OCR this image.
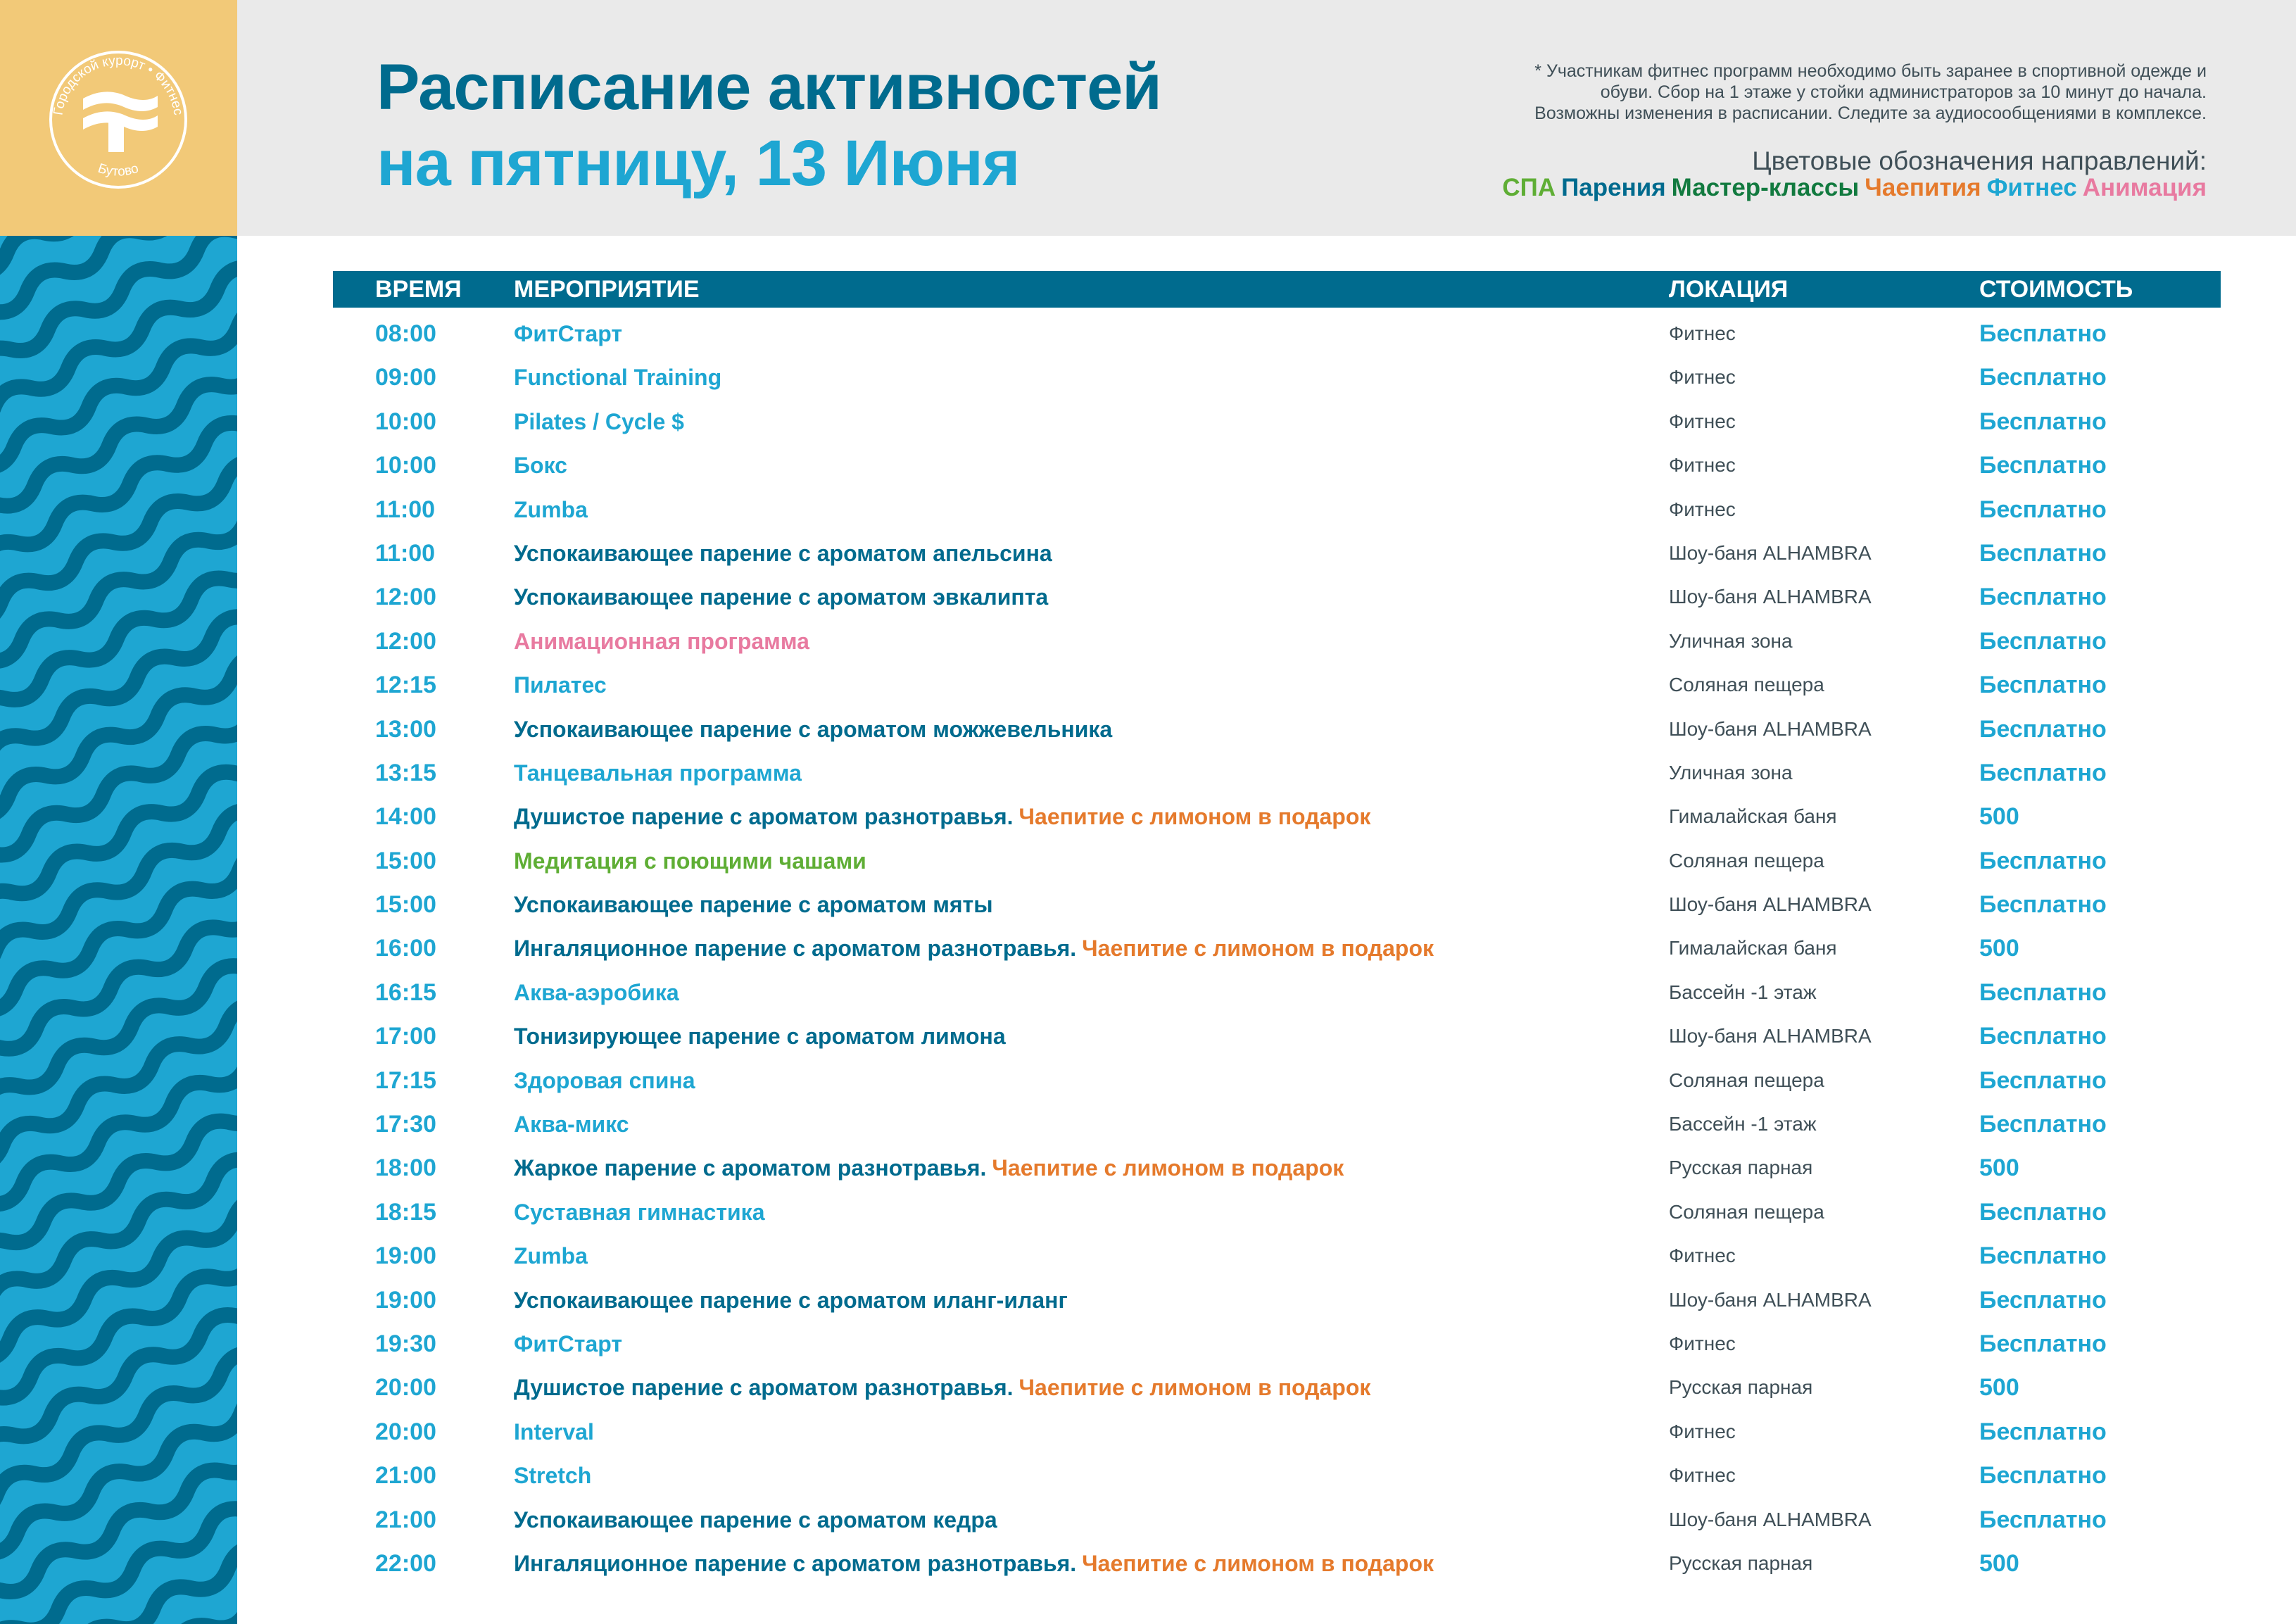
Городской курорт • Фитнес
Бутово
Расписание активностей
на пятницу, 13 Июня
* Участникам фитнес программ необходимо быть заранее в спортивной одежде и
обуви. Сбор на 1 этаже у стойки администраторов за 10 минут до начала.
Возможны изменения в расписании. Следите за аудиосообщениями в комплексе.
Цветовые обозначения направлений:
СПА Парения Мастер-классы Чаепития Фитнес Анимация
ВРЕМЯ МЕРОПРИЯТИЕ	ЛОКАЦИЯ	СТОИМОСТЬ
08:00	ФитСтарт	Фитнес	Бесплатно
09:00	Functional Training	Фитнес	Бесплатно
10:00	Pilates / Cycle $	Фитнес	Бесплатно
10:00	Бокс	Фитнес	Бесплатно
11:00	Zumba	Фитнес	Бесплатно
11:00	Успокаивающее парение с ароматом апельсина	Шоу-баня ALHAMBRA	Бесплатно
12:00	Успокаивающее парение с ароматом эвкалипта	Шоу-баня ALHAMBRA	Бесплатно
12:00	Анимационная программа	Уличная зона	Бесплатно
12:15	Пилатес	Соляная пещера	Бесплатно
13:00	Успокаивающее парение с ароматом можжевельника	Шоу-баня ALHAMBRA	Бесплатно
13:15	Танцевальная программа	Уличная зона	Бесплатно
14:00	Душистое парение с ароматом разнотравья. Чаепитие с лимоном в подарок	Гималайская баня	500
15:00	Медитация с поющими чашами	Соляная пещера	Бесплатно
15:00	Успокаивающее парение с ароматом мяты	Шоу-баня ALHAMBRA	Бесплатно
16:00	Ингаляционное парение с ароматом разнотравья. Чаепитие с лимоном в подарок	Гималайская баня	500
16:15	Аква-аэробика	Бассейн -1 этаж	Бесплатно
17:00	Тонизирующее парение с ароматом лимона	Шоу-баня ALHAMBRA	Бесплатно
17:15	Здоровая спина	Соляная пещера	Бесплатно
17:30	Аква-микс	Бассейн -1 этаж	Бесплатно
18:00	Жаркое парение с ароматом разнотравья. Чаепитие с лимоном в подарок	Русская парная	500
18:15	Суставная гимнастика	Соляная пещера	Бесплатно
19:00	Zumba	Фитнес	Бесплатно
19:00	Успокаивающее парение с ароматом иланг-иланг	Шоу-баня ALHAMBRA	Бесплатно
19:30	ФитСтарт	Фитнес	Бесплатно
20:00	Душистое парение с ароматом разнотравья. Чаепитие с лимоном в подарок	Русская парная	500
20:00	Interval	Фитнес	Бесплатно
21:00	Stretch	Фитнес	Бесплатно
21:00	Успокаивающее парение с ароматом кедра	Шоу-баня ALHAMBRA	Бесплатно
22:00	Ингаляционное парение с ароматом разнотравья. Чаепитие с лимоном в подарок	Русская парная	500
